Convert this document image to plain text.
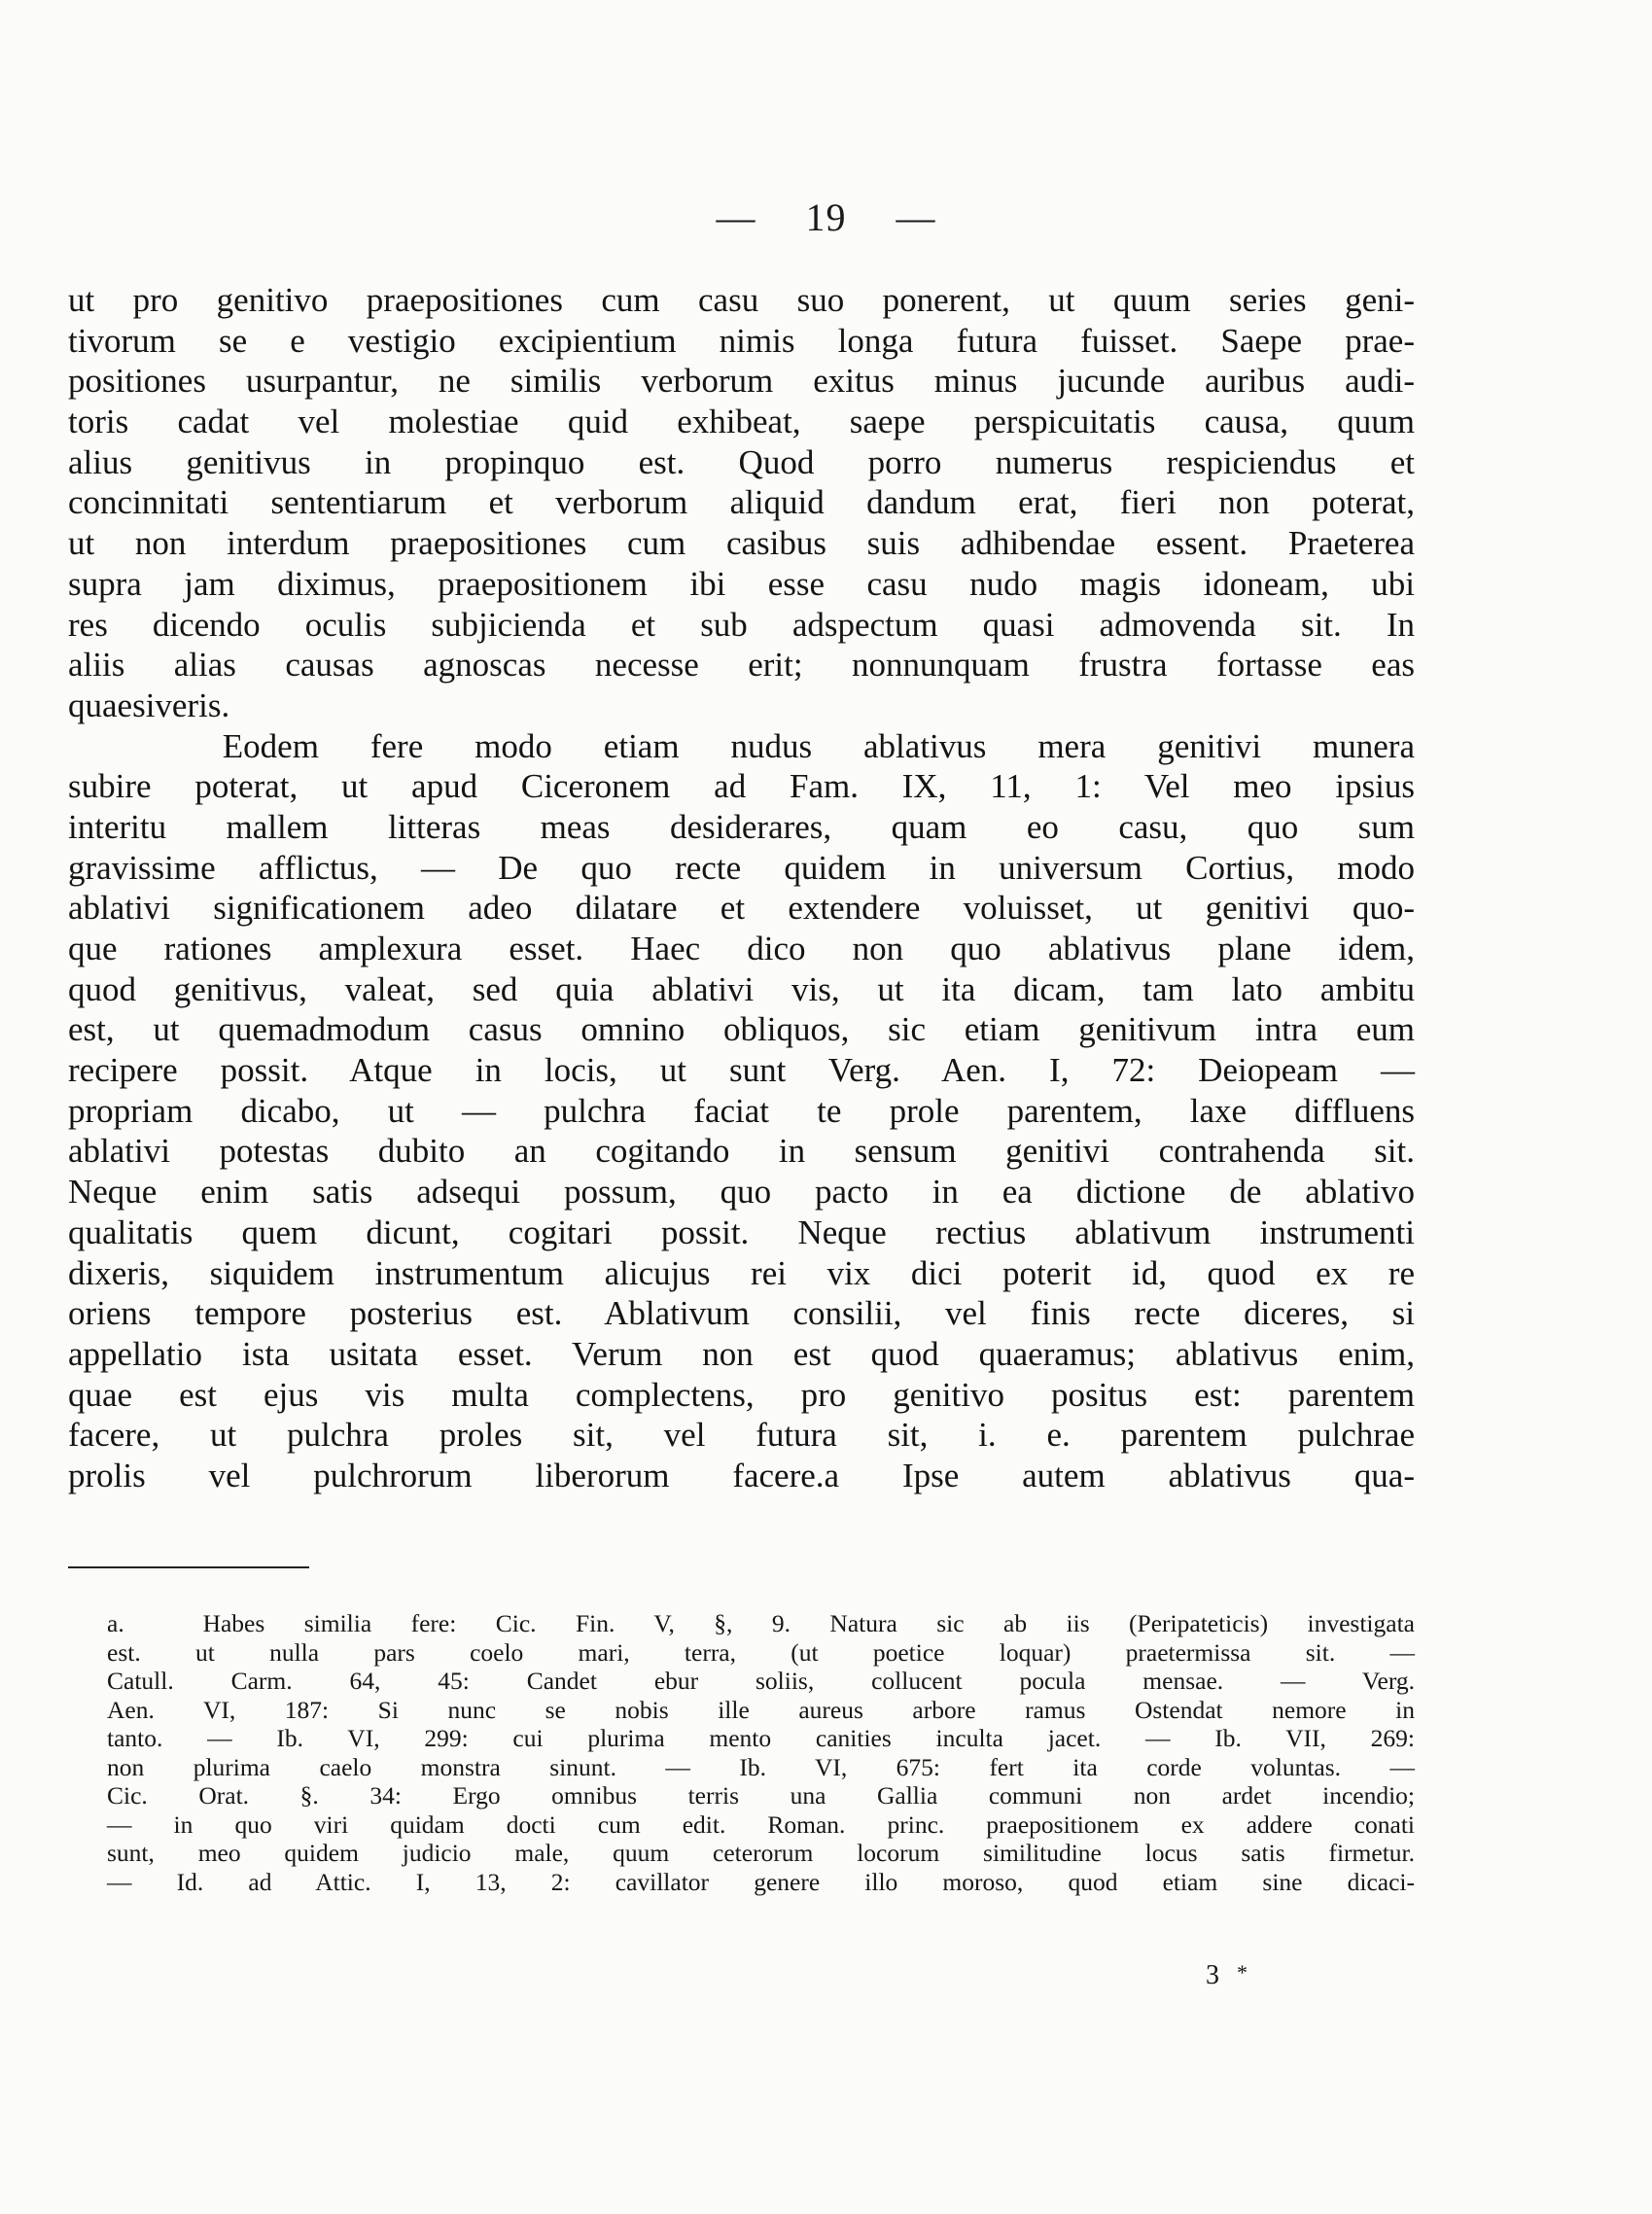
— 19 —
ut pro genitivo praepositiones cum casu suo ponerent, ut quum series geni-
tivorum se e vestigio excipientium nimis longa futura fuisset. Saepe prae-
positiones usurpantur, ne similis verborum exitus minus jucunde auribus audi-
toris cadat vel molestiae quid exhibeat, saepe perspicuitatis causa, quum
alius genitivus in propinquo est. Quod porro numerus respiciendus et
concinnitati sententiarum et verborum aliquid dandum erat, fieri non poterat,
ut non interdum praepositiones cum casibus suis adhibendae essent. Praeterea
supra jam diximus, praepositionem ibi esse casu nudo magis idoneam, ubi
res dicendo oculis subjicienda et sub adspectum quasi admovenda sit. In
aliis alias causas agnoscas necesse erit; nonnunquam frustra fortasse eas
quaesiveris.
Eodem fere modo etiam nudus ablativus mera genitivi munera
subire poterat, ut apud Ciceronem ad Fam. IX, 11, 1: Vel meo ipsius
interitu mallem litteras meas desiderares, quam eo casu, quo sum
gravissime afflictus, — De quo recte quidem in universum Cortius, modo
ablativi significationem adeo dilatare et extendere voluisset, ut genitivi quo-
que rationes amplexura esset. Haec dico non quo ablativus plane idem,
quod genitivus, valeat, sed quia ablativi vis, ut ita dicam, tam lato ambitu
est, ut quemadmodum casus omnino obliquos, sic etiam genitivum intra eum
recipere possit. Atque in locis, ut sunt Verg. Aen. I, 72: Deiopeam —
propriam dicabo, ut — pulchra faciat te prole parentem, laxe diffluens
ablativi potestas dubito an cogitando in sensum genitivi contrahenda sit.
Neque enim satis adsequi possum, quo pacto in ea dictione de ablativo
qualitatis quem dicunt, cogitari possit. Neque rectius ablativum instrumenti
dixeris, siquidem instrumentum alicujus rei vix dici poterit id, quod ex re
oriens tempore posterius est. Ablativum consilii, vel finis recte diceres, si
appellatio ista usitata esset. Verum non est quod quaeramus; ablativus enim,
quae est ejus vis multa complectens, pro genitivo positus est: parentem
facere, ut pulchra proles sit, vel futura sit, i. e. parentem pulchrae
prolis vel pulchrorum liberorum facere.a Ipse autem ablativus qua-
a.  Habes similia fere: Cic. Fin. V, §, 9. Natura sic ab iis (Peripateticis) investigata
est. ut nulla pars coelo mari, terra, (ut poetice loquar) praetermissa sit. —
Catull. Carm. 64, 45: Candet ebur soliis, collucent pocula mensae. — Verg.
Aen. VI, 187: Si nunc se nobis ille aureus arbore ramus Ostendat nemore in
tanto. — Ib. VI, 299: cui plurima mento canities inculta jacet. — Ib. VII, 269:
non plurima caelo monstra sinunt. — Ib. VI, 675: fert ita corde voluntas. —
Cic. Orat. §. 34: Ergo omnibus terris una Gallia communi non ardet incendio;
— in quo viri quidam docti cum edit. Roman. princ. praepositionem ex addere conati
sunt, meo quidem judicio male, quum ceterorum locorum similitudine locus satis firmetur.
— Id. ad Attic. I, 13, 2: cavillator genere illo moroso, quod etiam sine dicaci-
3 *
